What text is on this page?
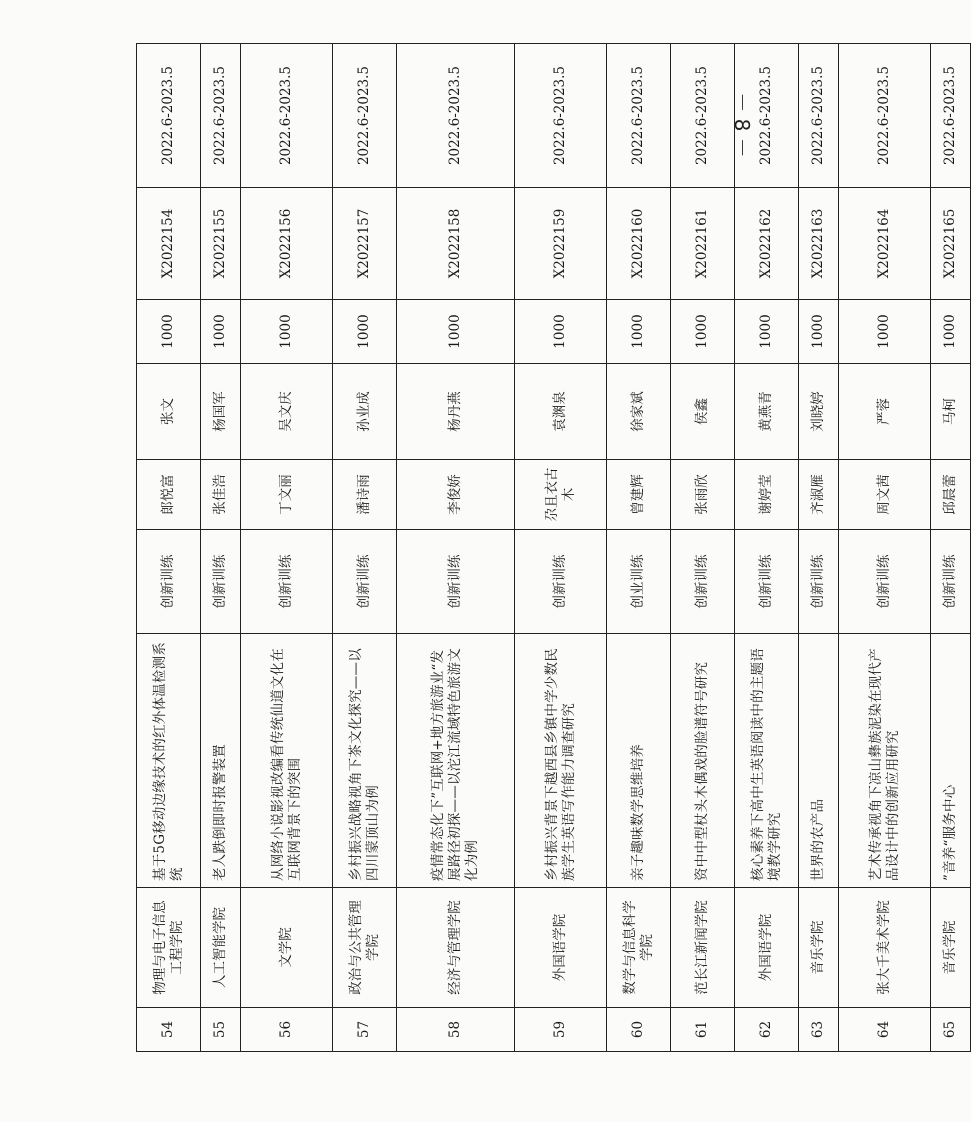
54	物理与电子信息工程学院	基于5G移动边缘技术的红外体温检测系统	创新训练	郎悦富	张文	1000	X2022154	2022.6-2023.5
55	人工智能学院	老人跌倒即时报警装置	创新训练	张佳浩	杨国军	1000	X2022155	2022.6-2023.5
56	文学院	从网络小说影视改编看传统仙道文化在互联网背景下的突围	创新训练	丁文丽	吴文庆	1000	X2022156	2022.6-2023.5
57	政治与公共管理学院	乡村振兴战略视角下茶文化探究——以四川蒙顶山为例	创新训练	潘诗雨	孙业成	1000	X2022157	2022.6-2023.5
58	经济与管理学院	疫情常态化下”互联网+地方旅游业“发展路径初探——以沱江流域特色旅游文化为例	创新训练	李俊娇	杨丹燕	1000	X2022158	2022.6-2023.5
59	外国语学院	乡村振兴背景下越西县乡镇中学少数民族学生英语写作能力调查研究	创新训练	尕且衣古木	袁渊泉	1000	X2022159	2022.6-2023.5
60	数学与信息科学学院	亲子趣味数学思维培养	创业训练	曾建辉	徐家斌	1000	X2022160	2022.6-2023.5
61	范长江新闻学院	资中中型杖头木偶戏的脸谱符号研究	创新训练	张雨欣	侯鑫	1000	X2022161	2022.6-2023.5
62	外国语学院	核心素养下高中生英语阅读中的主题语境教学研究	创新训练	谢婷莹	黄燕青	1000	X2022162	2022.6-2023.5
63	音乐学院	世界的农产品	创新训练	齐淑雁	刘晓婷	1000	X2022163	2022.6-2023.5
64	张大千美术学院	艺术传承视角下凉山彝族泥染在现代产品设计中的创新应用研究	创新训练	周文茜	严蓉	1000	X2022164	2022.6-2023.5
65	音乐学院	”音养“服务中心	创新训练	邱晨蕾	马柯	1000	X2022165	2022.6-2023.5
－ 8 －
